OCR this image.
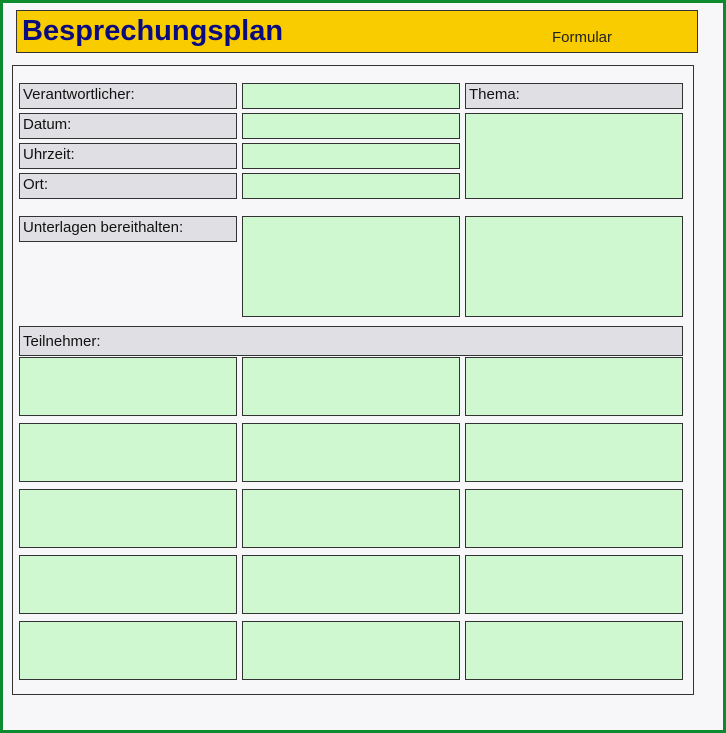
Besprechungsplan	Formular
Verantwortlicher:
Datum:
Uhrzeit:
Ort:
Thema:
Unterlagen bereithalten:
Teilnehmer:
